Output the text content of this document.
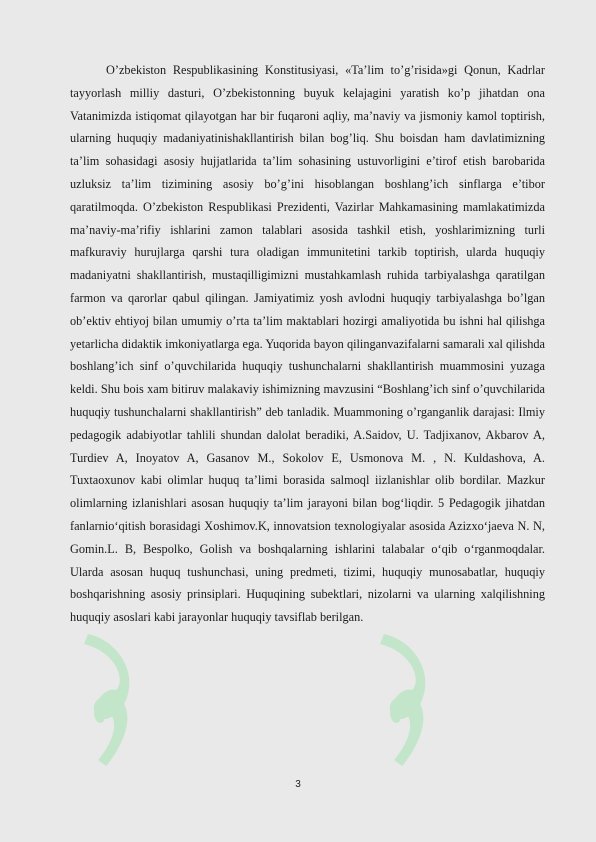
O’zbekiston Respublikasining Konstitusiyasi, «Ta’lim to’g’risida»gi Qonun, Kadrlar tayyorlash milliy dasturi, O’zbekistonning buyuk kelajagini yaratish ko’p jihatdan ona Vatanimizda istiqomat qilayotgan har bir fuqaroni aqliy, ma’naviy va jismoniy kamol toptirish, ularning huquqiy madaniyatinishakllantirish bilan bog’liq. Shu boisdan ham davlatimizning ta’lim sohasidagi asosiy hujjatlarida ta’lim sohasining ustuvorligini e’tirof etish barobarida uzluksiz ta’lim tizimining asosiy bo’g’ini hisoblangan boshlang’ich sinflarga e’tibor qaratilmoqda. O’zbekiston Respublikasi Prezidenti, Vazirlar Mahkamasining mamlakatimizda ma’naviy-ma’rifiy ishlarini zamon talablari asosida tashkil etish, yoshlarimizning turli mafkuraviy hurujlarga qarshi tura oladigan immunitetini tarkib toptirish, ularda huquqiy madaniyatni shakllantirish, mustaqilligimizni mustahkamlash ruhida tarbiyalashga qaratilgan farmon va qarorlar qabul qilingan. Jamiyatimiz yosh avlodni huquqiy tarbiyalashga bo’lgan ob’ektiv ehtiyoj bilan umumiy o’rta ta’lim maktablari hozirgi amaliyotida bu ishni hal qilishga yetarlicha didaktik imkoniyatlarga ega. Yuqorida bayon qilinganvazifalarni samarali xal qilishda boshlang’ich sinf o’quvchilarida huquqiy tushunchalarni shakllantirish muammosini yuzaga keldi. Shu bois xam bitiruv malakaviy ishimizning mavzusini “Boshlang’ich sinf o’quvchilarida huquqiy tushunchalarni shakllantirish” deb tanladik. Muammoning o’rganganlik darajasi: Ilmiy pedagogik adabiyotlar tahlili shundan dalolat beradiki, A.Saidov, U. Tadjixanov, Akbarov A, Turdiev A, Inoyatov A, Gasanov M., Sokolov E, Usmonova M. , N. Kuldashova, A. Tuxtaoxunov kabi olimlar huquq ta’limi borasida salmoql iizlanishlar olib bordilar. Mazkur olimlarning izlanishlari asosan huquqiy ta’lim jarayoni bilan bog‘liqdir. 5 Pedagogik jihatdan fanlarnio‘qitish borasidagi Xoshimov.K, innovatsion texnologiyalar asosida Azizxo‘jaeva N. N, Gomin.L. B, Bespolko, Golish va boshqalarning ishlarini talabalar o‘qib o‘rganmoqdalar. Ularda asosan huquq tushunchasi, uning predmeti, tizimi, huquqiy munosabatlar, huquqiy boshqarishning asosiy prinsiplari. Huquqining subektlari, nizolarni va ularning xalqilishning huquqiy asoslari kabi jarayonlar huquqiy tavsiflab berilgan.

3
